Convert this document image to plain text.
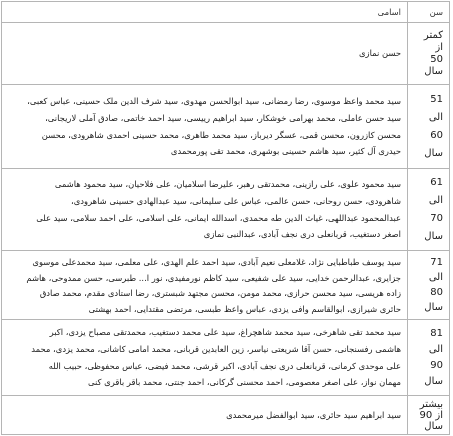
سن
اسامی
کمتر
از
50
سال
حسن نمازی
51
الی
60
سال
سید محمد واعظ موسوی، رضا رمضانی، سید ابوالحسن مهدوی، سید شرف الدین ملک حسینی، عباس کعبی،
سید حسن عاملی، محمد بهرامی خوشکار، سید ابراهیم رییسی، سید احمد خاتمی، صادق آملی لاریجانی،
محسن کازرون، محسن قمی، عسگر دیرباز، سید محمد طاهری، محمد حسینی احمدی شاهرودی، محسن
حیدری آل کثیر، سید هاشم حسینی بوشهری، محمد تقی پورمحمدی
61
الی
70
سال
سید محمود علوی، علی رازینی، محمدتقی رهبر، علیرضا اسلامیان، علی فلاحیان، سید محمود هاشمی
شاهرودی، حسن روحانی، حسن عالمی، عباس علی سلیمانی، سید عبدالهادی حسینی شاهرودی،
عبدالمحمود عبداللهی، غیاث الدین طه محمدی، اسدالله ایمانی، علی اسلامی، علی احمد سلامی، سید علی
اصغر دستغیب، قربانعلی دری نجف آبادی، عبدالنبی نمازی
71
الی
80
سال
سید یوسف طباطبایی نژاد، غلامعلی نعیم آبادی، سید احمد علم الهدی، علی معلمی، سید محمدعلی موسوی
جزایری، عبدالرحمن خدایی، سید علی شفیعی، سید کاظم نورمفیدی، نور ا... طبرسی، حسن ممدوحی، هاشم
زاده هریسی، سید محسن حرازی، محمد مومن، محسن مجتهد شبستری، رضا استادی مقدم، محمد صادق
حائری شیرازی، ابوالقاسم وافی یزدی، عباس واعظ طبسی، مرتضی مقتدایی، احمد بهشتی
81
الی
90
سال
سید محمد تقی شاهرخی، سید محمد شاهچراغ، سید علی محمد دستغیب، محمدتقی مصباح یزدی، اکبر
هاشمی رفسنجانی، حسن آقا شریعتی نیاسر، زین العابدین قربانی، محمد امامی کاشانی، محمد یزدی، محمد
علی موحدی کرمانی، قربانعلی دری نجف آبادی، اکبر قرشی، محمد فیضی، عباس محفوظی، حبیب الله
مهمان نواز، علی اصغر معصومی، احمد محسنی گرکانی، احمد جنتی، محمد باقر باقری کنی
بیشتر
از 90
سال
سید ابراهیم سید حائری، سید ابوالفضل میرمحمدی
